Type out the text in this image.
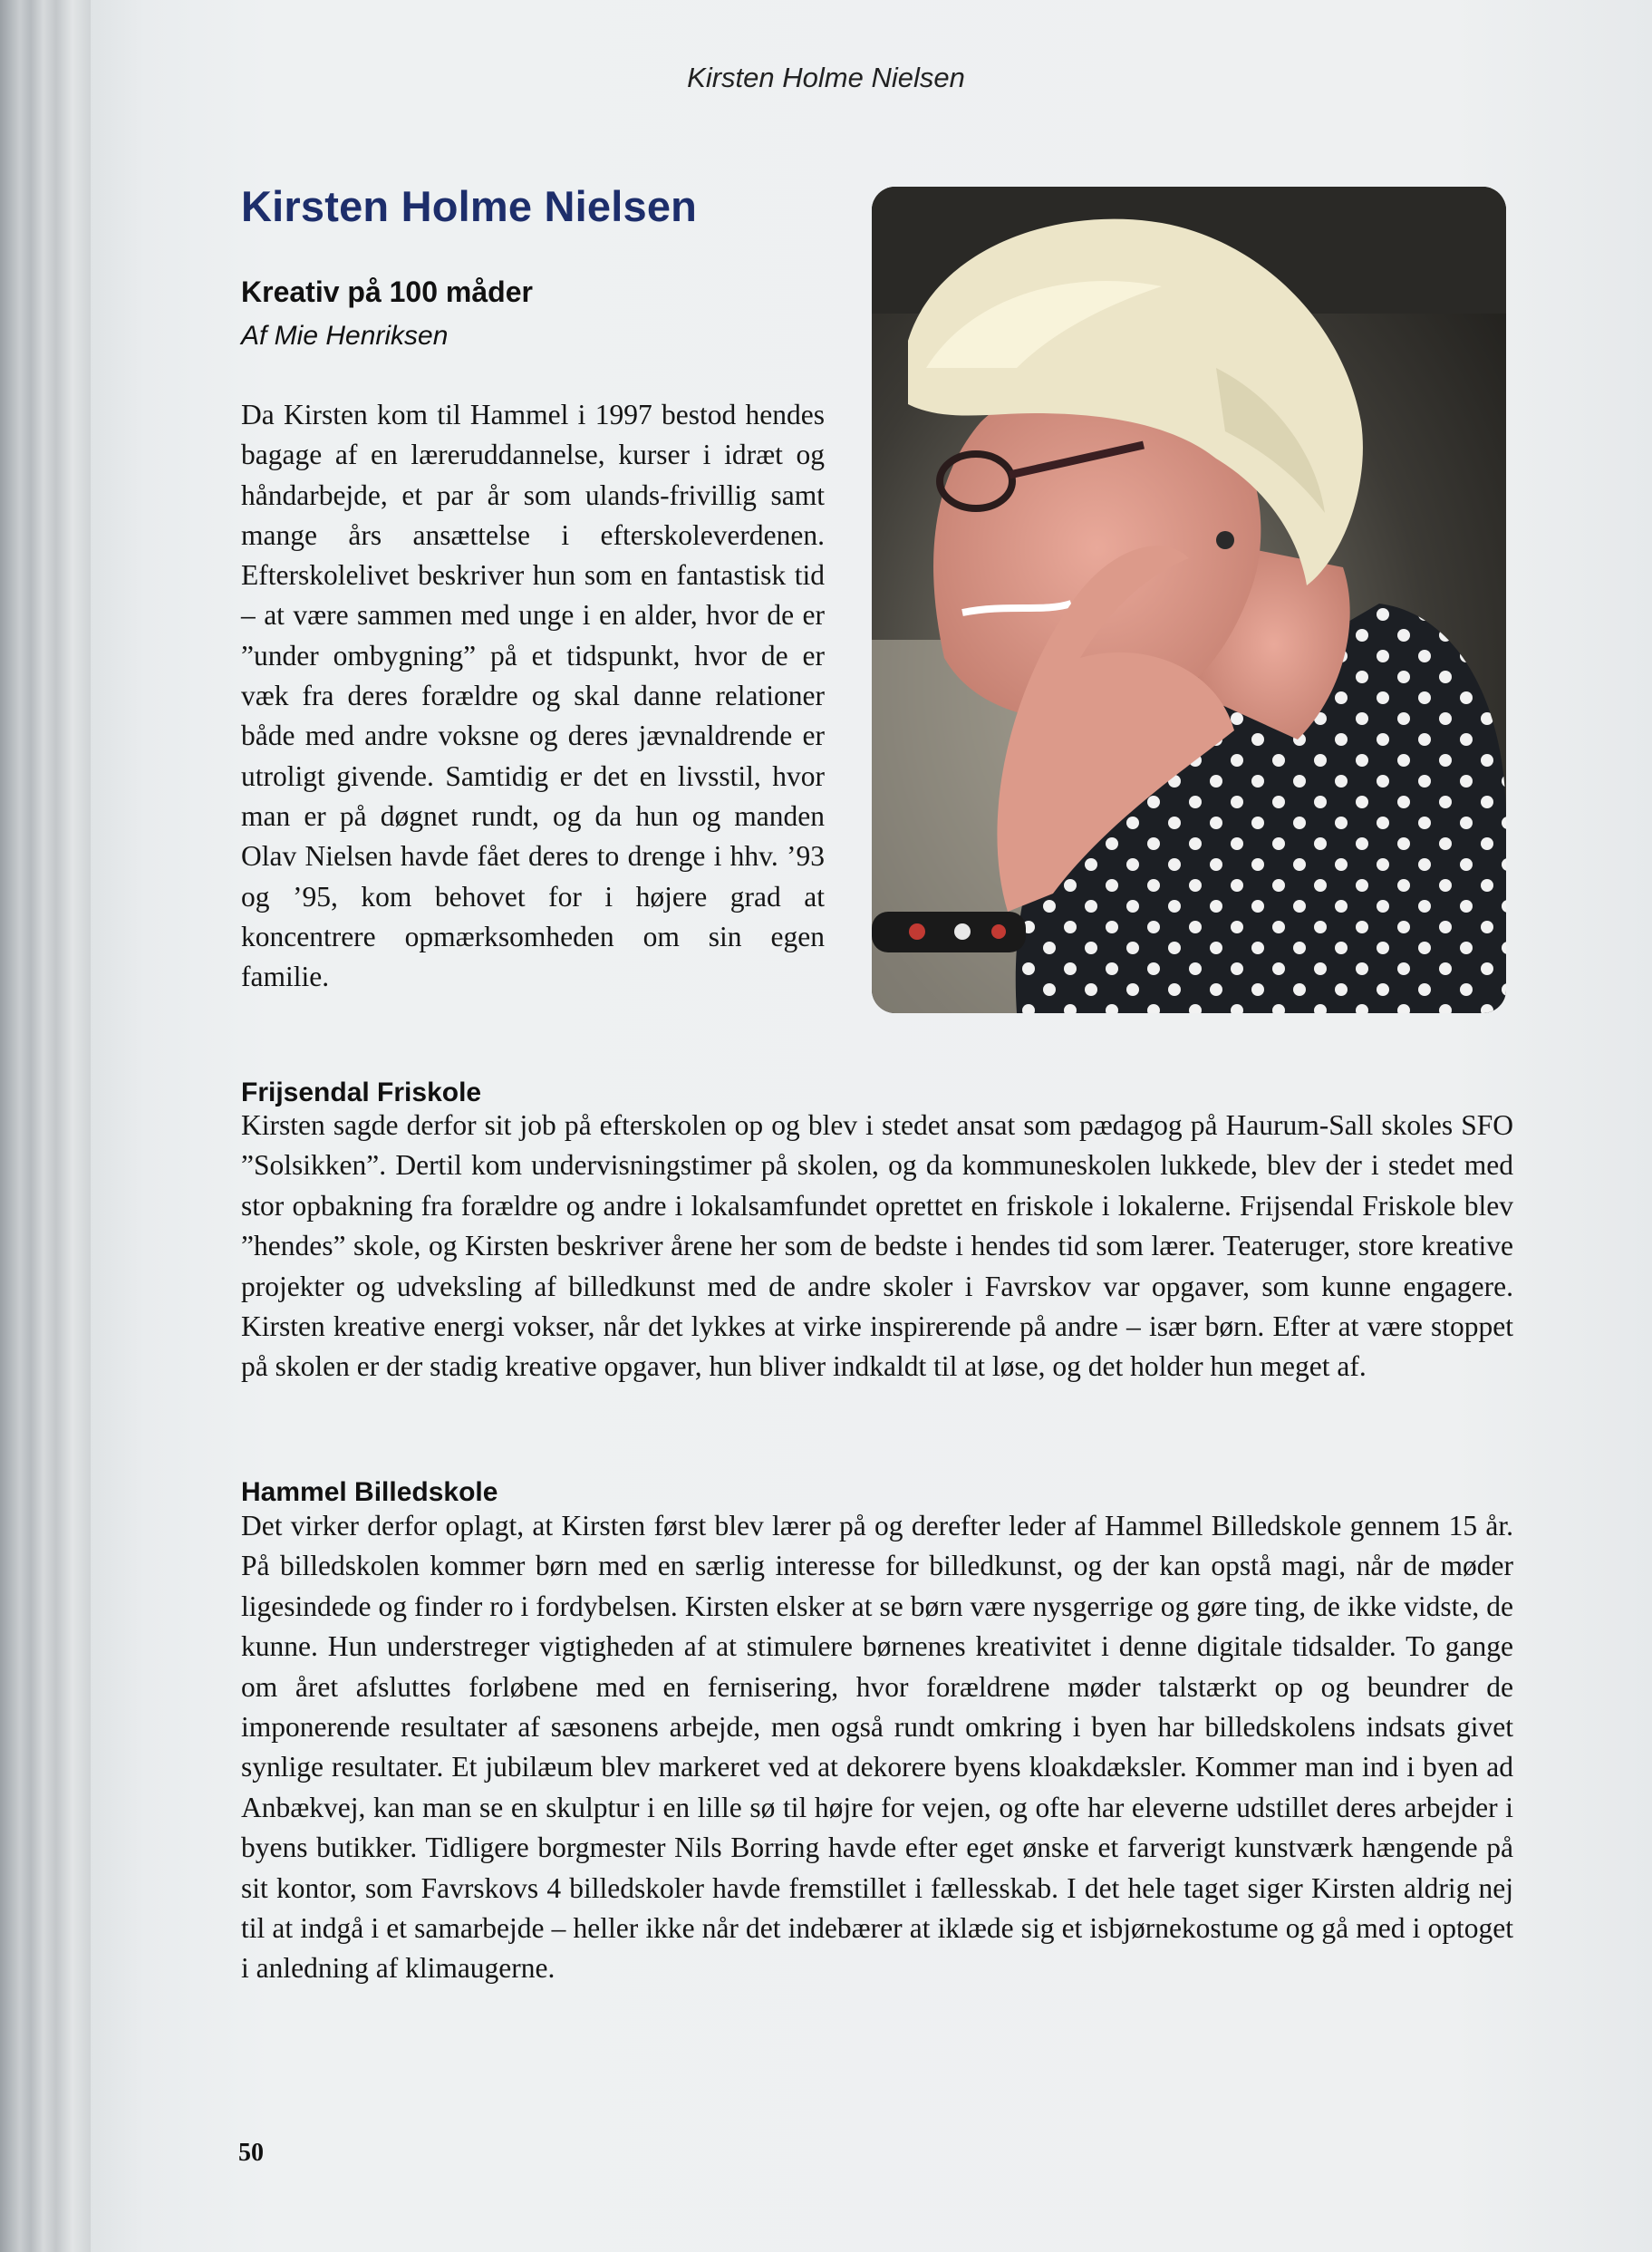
Kirsten Holme Nielsen
Kirsten Holme Nielsen
Kreativ på 100 måder
Af Mie Henriksen

Da Kirsten kom til Hammel i 1997 bestod hendes bagage af en læreruddannelse, kurser i idræt og håndarbejde, et par år som ulands-frivillig samt mange års ansættelse i efterskoleverdenen. Efterskolelivet beskriver hun som en fantastisk tid – at være sammen med unge i en alder, hvor de er ”under ombygning” på et tidspunkt, hvor de er væk fra deres forældre og skal danne relationer både med andre voksne og deres jævnaldrende er utroligt givende. Samtidig er det en livsstil, hvor man er på døgnet rundt, og da hun og manden Olav Nielsen havde fået deres to drenge i hhv. ’93 og ’95, kom behovet for i højere grad at koncentrere opmærksomheden om sin egen familie.

Frijsendal Friskole

Kirsten sagde derfor sit job på efterskolen op og blev i stedet ansat som pædagog på Haurum-Sall skoles SFO ”Solsikken”. Dertil kom undervisningstimer på skolen, og da kommuneskolen lukkede, blev der i stedet med stor opbakning fra forældre og andre i lokalsamfundet oprettet en friskole i lokalerne. Frijsendal Friskole blev ”hendes” skole, og Kirsten beskriver årene her som de bedste i hendes tid som lærer. Teateruger, store kreative projekter og udveksling af billedkunst med de andre skoler i Favrskov var opgaver, som kunne engagere. Kirsten kreative energi vokser, når det lykkes at virke inspirerende på andre – især børn. Efter at være stoppet på skolen er der stadig kreative opgaver, hun bliver indkaldt til at løse, og det holder hun meget af.

Hammel Billedskole

Det virker derfor oplagt, at Kirsten først blev lærer på og derefter leder af Hammel Billedskole gennem 15 år. På billedskolen kommer børn med en særlig interesse for billedkunst, og der kan opstå magi, når de møder ligesindede og finder ro i fordybelsen. Kirsten elsker at se børn være nysgerrige og gøre ting, de ikke vidste, de kunne. Hun understreger vigtigheden af at stimulere børnenes kreativitet i denne digitale tidsalder. To gange om året afsluttes forløbene med en fernisering, hvor forældrene møder talstærkt op og beundrer de imponerende resultater af sæsonens arbejde, men også rundt omkring i byen har billedskolens indsats givet synlige resultater. Et jubilæum blev markeret ved at dekorere byens kloakdæksler. Kommer man ind i byen ad Anbækvej, kan man se en skulptur i en lille sø til højre for vejen, og ofte har eleverne udstillet deres arbejder i byens butikker. Tidligere borgmester Nils Borring havde efter eget ønske et farverigt kunstværk hængende på sit kontor, som Favrskovs 4 billedskoler havde fremstillet i fællesskab. I det hele taget siger Kirsten aldrig nej til at indgå i et samarbejde – heller ikke når det indebærer at iklæde sig et isbjørnekostume og gå med i optoget i anledning af klimaugerne.

50
